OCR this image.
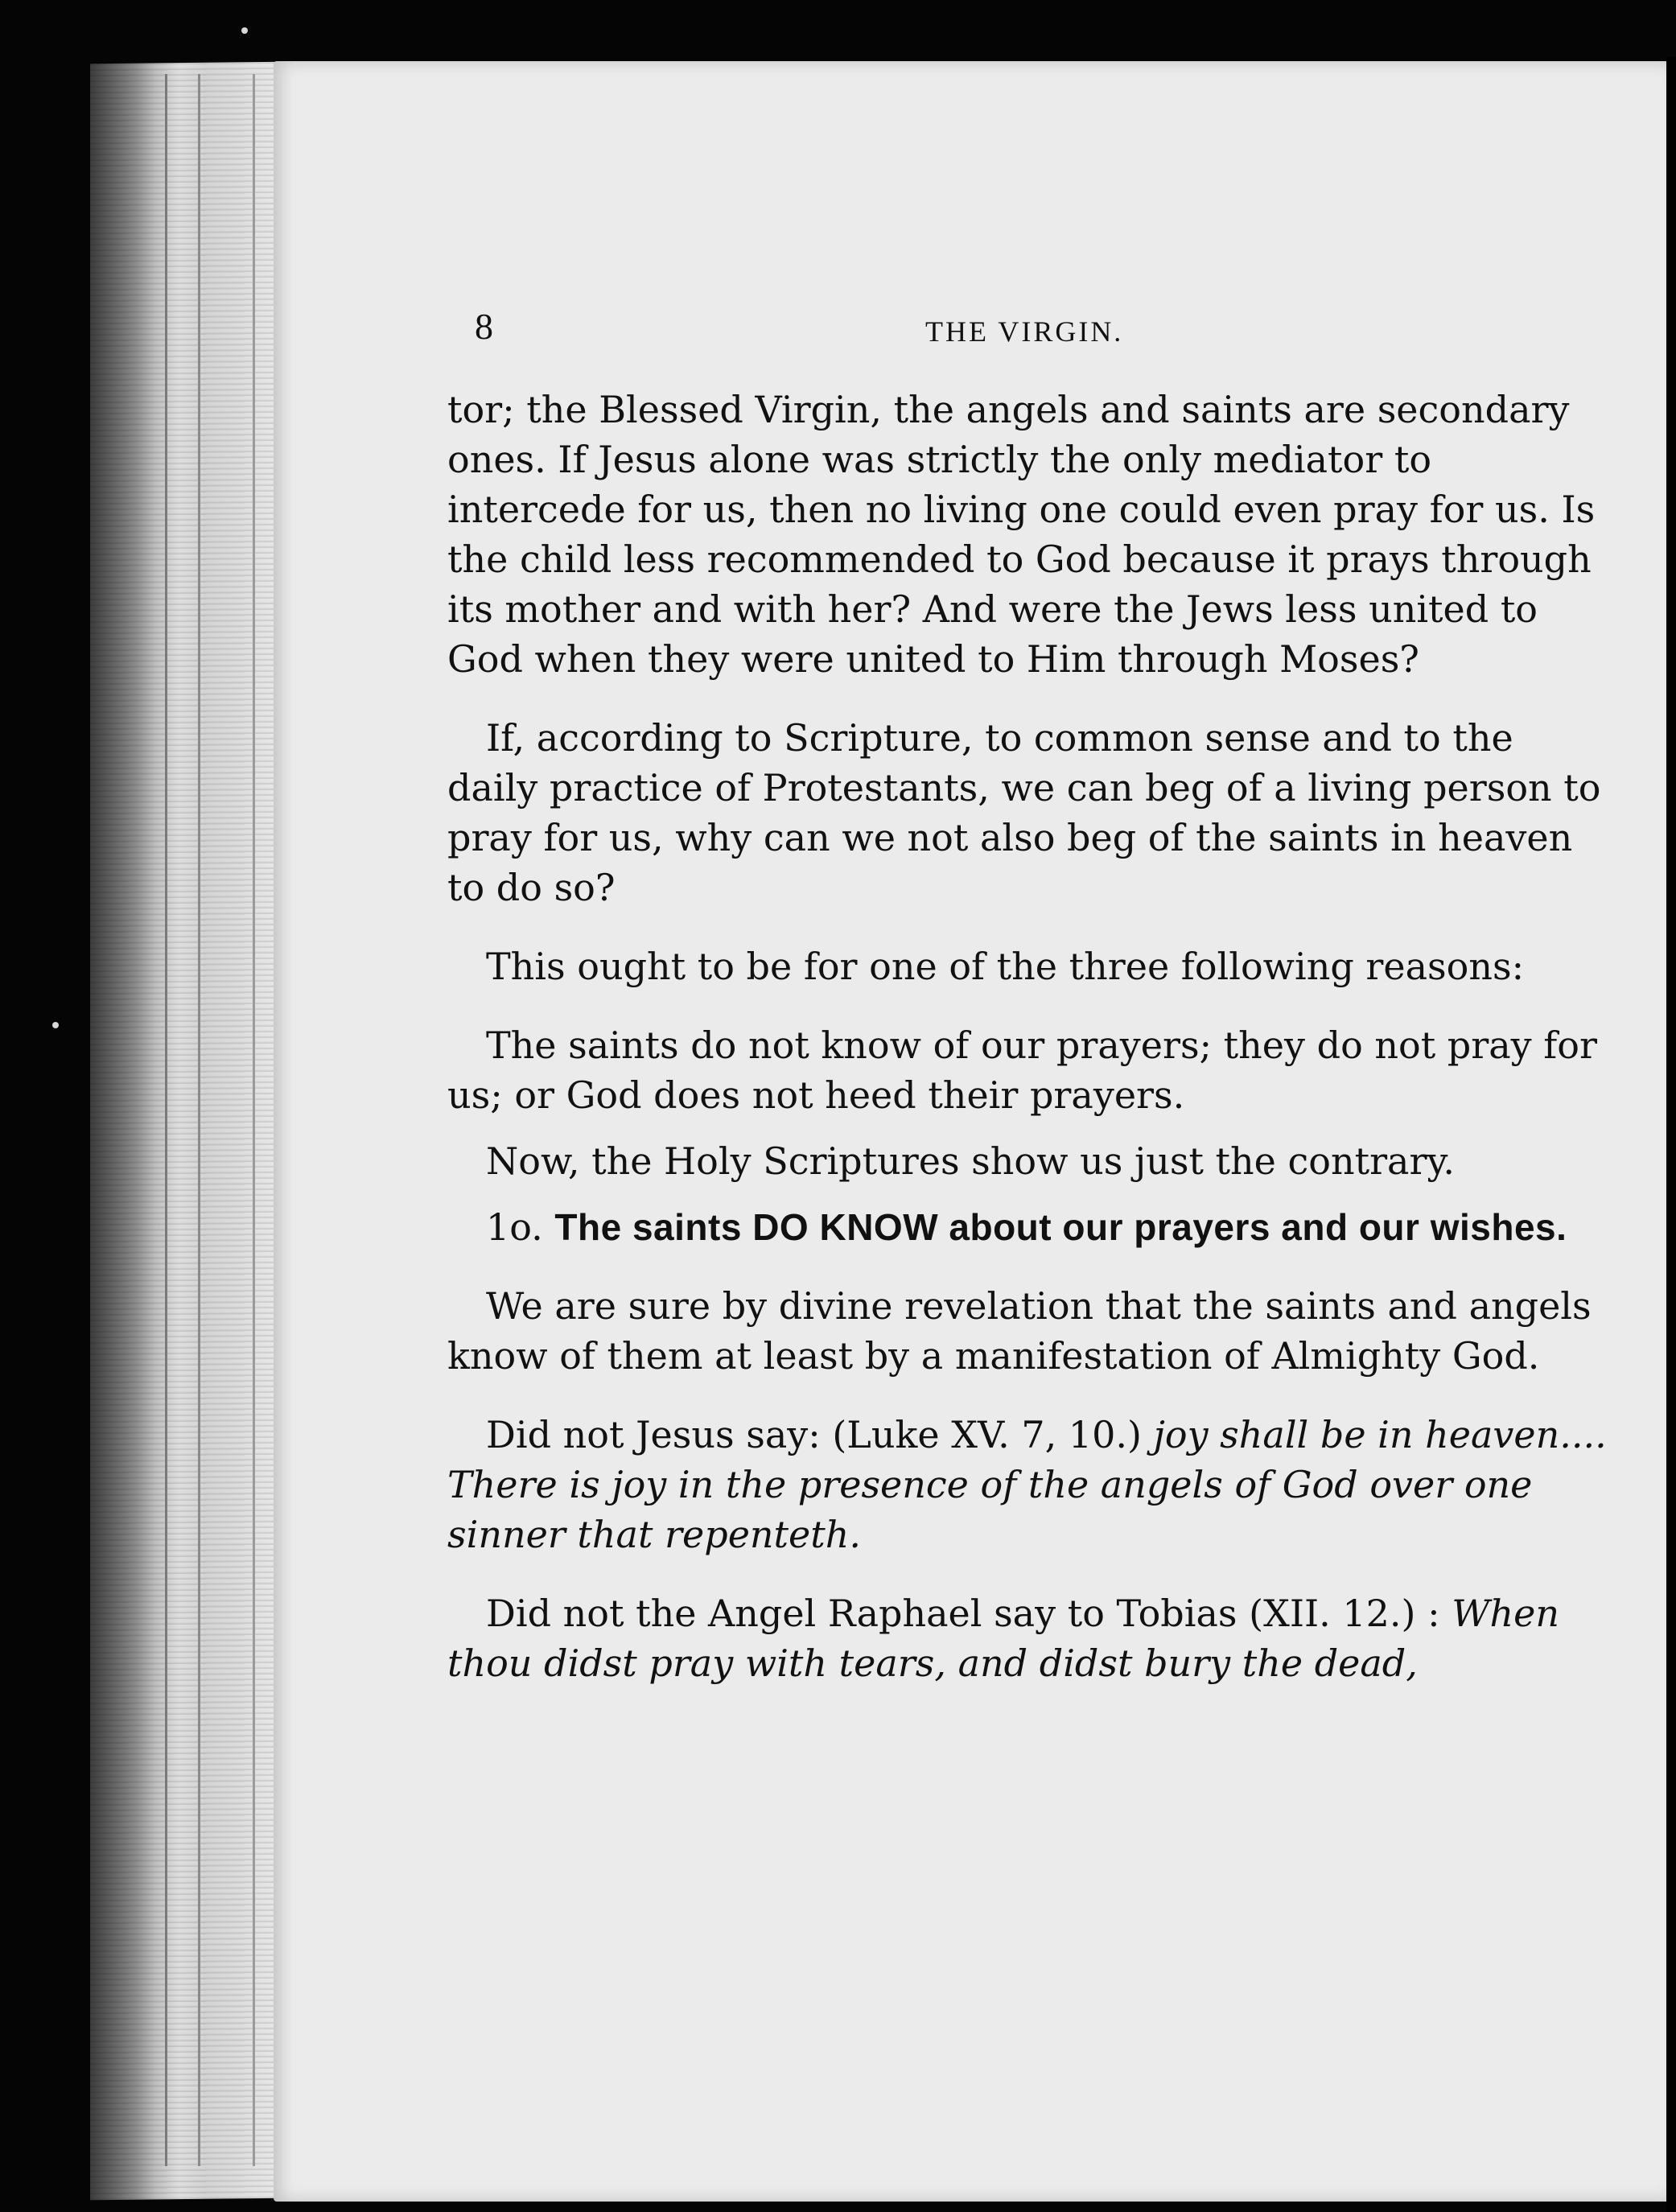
8	THE VIRGIN.

tor; the Blessed Virgin, the angels and saints are secondary ones. If Jesus alone was strictly the only mediator to intercede for us, then no living one could even pray for us. Is the child less recommended to God because it prays through its mother and with her? And were the Jews less united to God when they were united to Him through Moses?

If, according to Scripture, to common sense and to the daily practice of Protestants, we can beg of a living person to pray for us, why can we not also beg of the saints in heaven to do so?

This ought to be for one of the three following reasons:

The saints do not know of our prayers; they do not pray for us; or God does not heed their prayers.

Now, the Holy Scriptures show us just the contrary.

1o. The saints DO KNOW about our prayers and our wishes.

We are sure by divine revelation that the saints and angels know of them at least by a manifestation of Almighty God.

Did not Jesus say: (Luke XV. 7, 10.) joy shall be in heaven.... There is joy in the presence of the angels of God over one sinner that repenteth.

Did not the Angel Raphael say to Tobias (XII. 12.) : When thou didst pray with tears, and didst bury the dead,
